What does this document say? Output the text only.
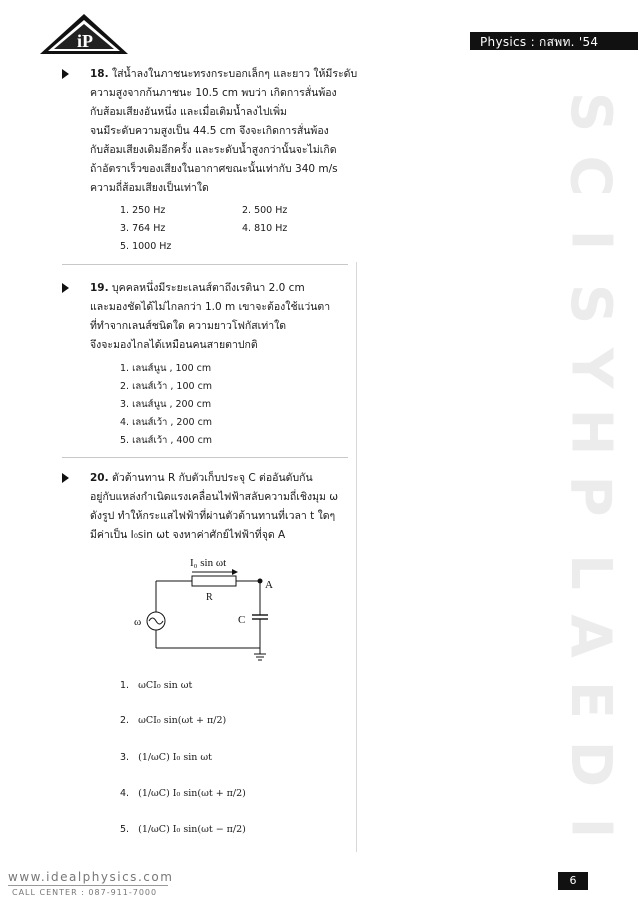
iP	Physics : กสพท. '54
S
C
I
S
Y
H
P
L
A
E
D
I
18. ใส่น้ำลงในภาชนะทรงกระบอกเล็กๆ และยาว ให้มีระดับ
ความสูงจากก้นภาชนะ 10.5 cm พบว่า เกิดการสั่นพ้อง
กับส้อมเสียงอันหนึ่ง และเมื่อเติมน้ำลงไปเพิ่ม
จนมีระดับความสูงเป็น 44.5 cm จึงจะเกิดการสั่นพ้อง
กับส้อมเสียงเดิมอีกครั้ง และระดับน้ำสูงกว่านั้นจะไม่เกิด
ถ้าอัตราเร็วของเสียงในอากาศขณะนั้นเท่ากับ 340 m/s
ความถี่ส้อมเสียงเป็นเท่าใด
1. 250 Hz	2. 500 Hz
3. 764 Hz	4. 810 Hz
5. 1000 Hz
19. บุคคลหนึ่งมีระยะเลนส์ตาถึงเรตินา 2.0 cm
และมองชัดได้ไม่ไกลกว่า 1.0 m เขาจะต้องใช้แว่นตา
ที่ทำจากเลนส์ชนิดใด ความยาวโฟกัสเท่าใด
จึงจะมองไกลได้เหมือนคนสายตาปกติ
1. เลนส์นูน , 100 cm
2. เลนส์เว้า , 100 cm
3. เลนส์นูน , 200 cm
4. เลนส์เว้า , 200 cm
5. เลนส์เว้า , 400 cm
20. ตัวต้านทาน R กับตัวเก็บประจุ C ต่ออันดับกัน
อยู่กับแหล่งกำเนิดแรงเคลื่อนไฟฟ้าสลับความถี่เชิงมุม ω
ดังรูป ทำให้กระแสไฟฟ้าที่ผ่านตัวต้านทานที่เวลา t ใดๆ
มีค่าเป็น I₀sin ωt จงหาค่าศักย์ไฟฟ้าที่จุด A
I₀ sin ωt
A
R
C
ω
1. ωCI₀ sin ωt
2. ωCI₀ sin(ωt + π/2)
3. (1/ωC) I₀ sin ωt
4. (1/ωC) I₀ sin(ωt + π/2)
5. (1/ωC) I₀ sin(ωt − π/2)
www.idealphysics.com
CALL CENTER : 087-911-7000
6
